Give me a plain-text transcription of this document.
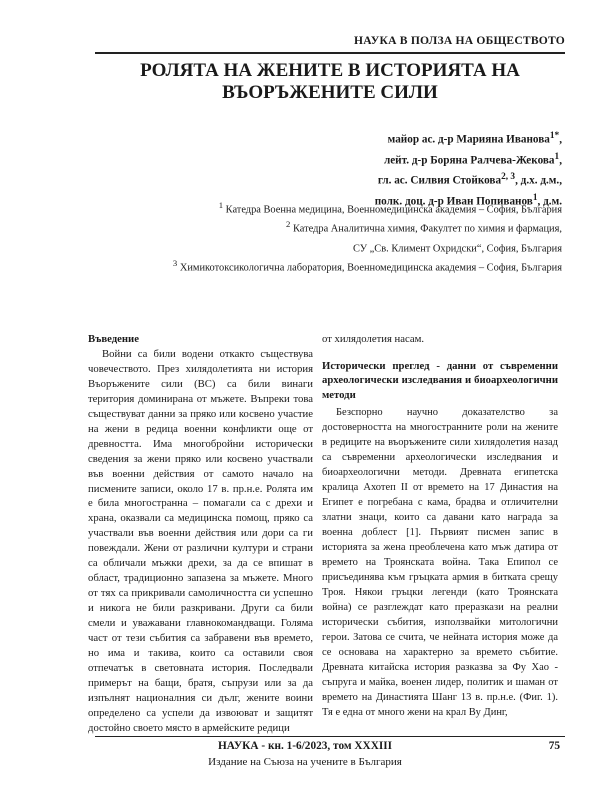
НАУКА В ПОЛЗА НА ОБЩЕСТВОТО
РОЛЯТА НА ЖЕНИТЕ В ИСТОРИЯТА НА
ВЪОРЪЖЕНИТЕ СИЛИ
майор ас. д-р Марияна Иванова$^{1*}$,
лейт. д-р Боряна Ралчева-Жекова$^1$,
гл. ас. Силвия Стойкова$^{2, 3}$, д.х. д.м.,
полк. доц. д-р Иван Попиванов$^1$, д.м.
$^1$ Катедра Военна медицина, Военномедицинска академия – София, България
$^2$ Катедра Аналитична химия, Факултет по химия и фармация,
СУ „Св. Климент Охридски“, София, България
$^3$ Химикотоксикологична лаборатория, Военномедицинска академия – София, България

Въведение

Войни са били водени откакто съществува човечеството. През хилядолетията ни история Въоръжените сили (ВС) са били винаги територия доминирана от мъжете. Въпреки това съществуват данни за пряко или косвено участие на жени в редица военни конфликти още от древността. Има многобройни исторически сведения за жени пряко или косвено участвали във военни действия от самото начало на писмените записи, около 17 в. пр.н.е. Ролята им е била многостранна – помагали са с дрехи и храна, оказвали са медицинска помощ, пряко са участвали във военни действия или дори са ги повеждали. Жени от различни култури и страни са обличали мъжки дрехи, за да се впишат в област, традиционно запазена за мъжете. Много от тях са прикривали самоличността си успешно и никога не били разкривани. Други са били смели и уважавани главнокомандващи. Голяма част от тези събития са забравени във времето, но има и такива, които са оставили своя отпечатък в световната история. Последвали примерът на бащи, братя, съпрузи или за да изпълнят националния си дълг, жените воини определено са успели да извоюват и защитят достойно своето място в армейските редици

от хилядолетия насам.

Исторически преглед - данни от съвременни археологически изследвания и биоархеологични методи

Безспорно научно доказателство за достоверността на многостранните роли на жените в редиците на въоръжените сили хилядолетия назад са съвременни археологически изследвания и биоархеологични методи. Древната египетска кралица Ахотеп II от времето на 17 Династия на Египет е погребана с кама, брадва и отличителни златни знаци, които са давани като награда за военна доблест [1]. Първият писмен запис в историята за жена преоблечена като мъж датира от времето на Троянската война. Така Епипол се присъединява към гръцката армия в битката срещу Троя. Някои гръцки легенди (като Троянската война) се разглеждат като преразкази на реални исторически събития, използвайки митологични герои. Затова се счита, че нейната история може да се основава на характерно за времето събитие. Древната китайска история разказва за Фу Хао - съпруга и майка, военен лидер, политик и шаман от времето на Династията Шанг 13 в. пр.н.е. (Фиг. 1). Тя е една от много жени на крал Ву Динг,

НАУКА - кн. 1-6/2023, том XXXIII	75
Издание на Съюза на учените в България
